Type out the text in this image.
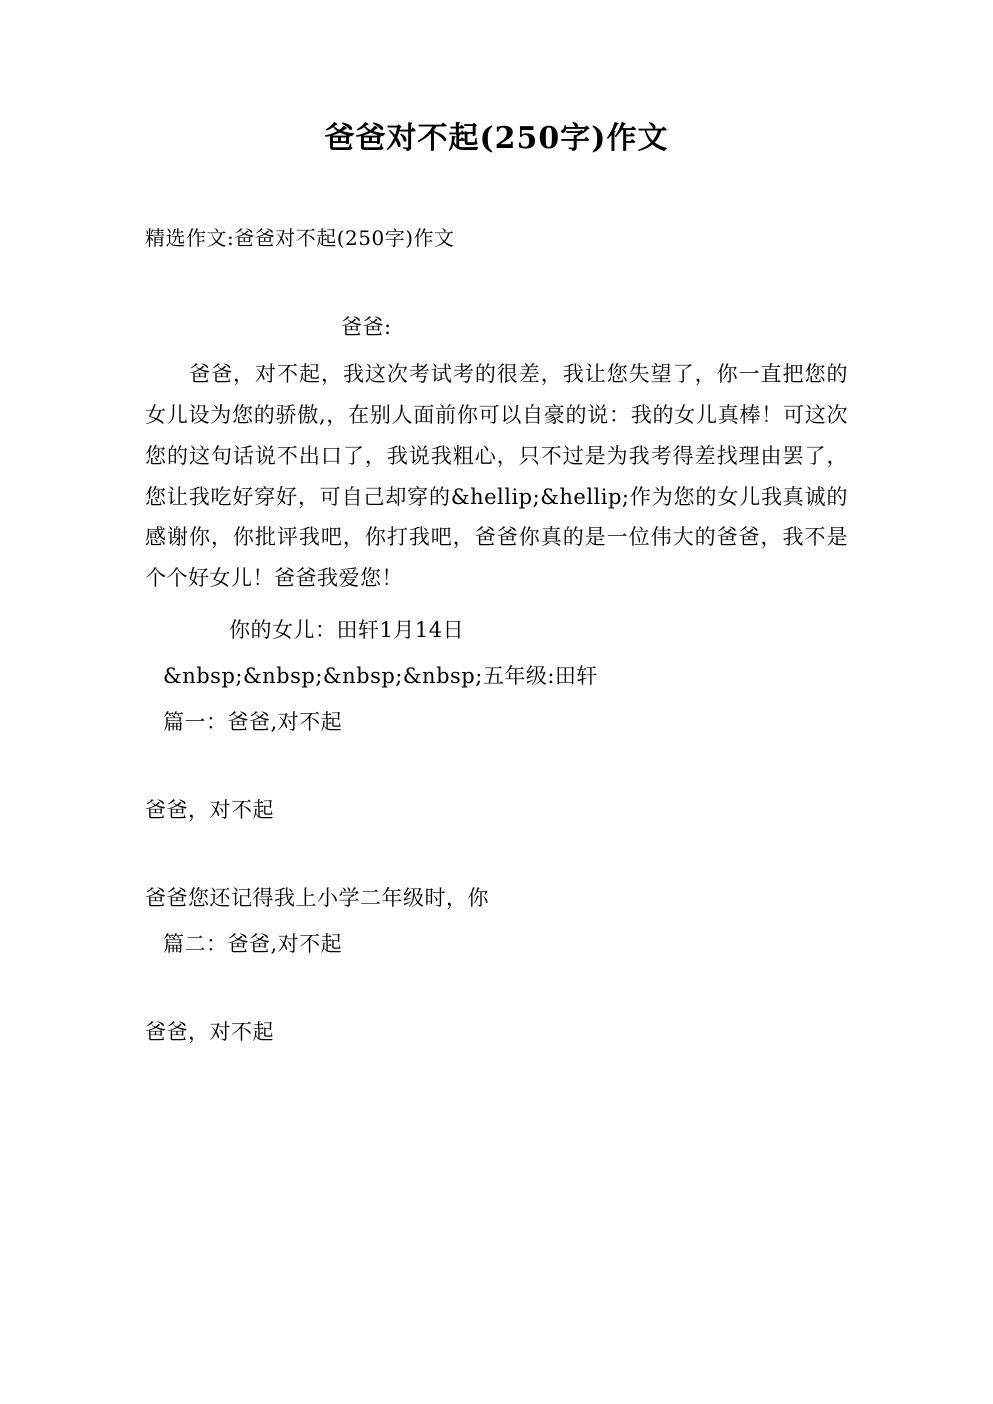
爸爸对不起(250字)作文

精选作文:爸爸对不起(250字)作文

爸爸:

爸爸，对不起，我这次考试考的很差，我让您失望了，你一直把您的女儿设为您的骄傲,，在别人面前你可以自豪的说：我的女儿真棒！可这次您的这句话说不出口了，我说我粗心，只不过是为我考得差找理由罢了，您让我吃好穿好，可自己却穿的&hellip;&hellip;作为您的女儿我真诚的感谢你，你批评我吧，你打我吧，爸爸你真的是一位伟大的爸爸，我不是个个好女儿！爸爸我爱您！

你的女儿：田轩1月14日

&nbsp;&nbsp;&nbsp;&nbsp;五年级:田轩

篇一：爸爸,对不起

爸爸，对不起

爸爸您还记得我上小学二年级时，你

篇二：爸爸,对不起

爸爸，对不起
